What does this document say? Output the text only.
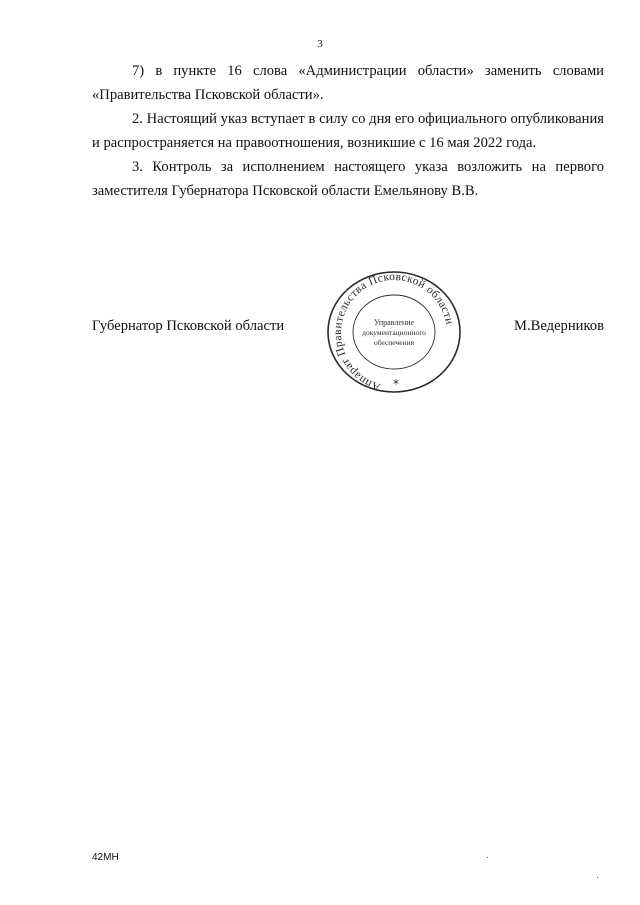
3

7) в пункте 16 слова «Администрации области» заменить словами «Правительства Псковской области».

2. Настоящий указ вступает в силу со дня его официального опубликования и распространяется на правоотношения, возникшие с 16 мая 2022 года.

3. Контроль за исполнением настоящего указа возложить на первого заместителя Губернатора Псковской области Емельянову В.В.

Губернатор Псковской области	М.Ведерников
Аппарат Правительства Псковской области
Управление
документационного
обеспечения
*
42МН
